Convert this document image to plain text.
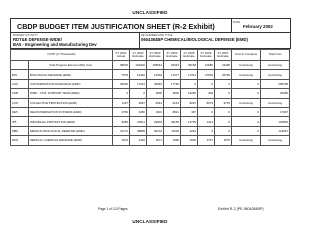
UNCLASSIFIED
CBDP BUDGET ITEM JUSTIFICATION SHEET (R-2 Exhibit)	DATE
February 2002
BUDGET ACTIVITY
RDT&E DEFENSE-WIDE/
BA5 - Engineering and Manufacturing Dev
PE NUMBER AND TITLE
0604384BP CHEMICAL/BIOLOGICAL DEFENSE (EMD)
COST (In Thousands)		FY 2001 Actual	FY 2002 Estimate	FY 2003 Estimate	FY 2004 Estimate	FY 2005 Estimate	FY 2006 Estimate	FY 2007 Estimate	Cost to Complete	Total Cost
	Total Program Element (PE) Cost	98636	163302	168661	91543	35168	10680	22495	Continuing	Continuing
BJ5	BIOLOGICAL DEFENSE (EMD)	7578	12462	14669	17977	17313	27532	35795	Continuing	Continuing
CA5	CONTAMINATION AVOIDANCE (EMD)	36026	71421	35364	17750	0	0	0	0	286788
CM5	WMD - CIVIL SUPPORT TEAM (EMD)	0	0	1800	3800	14280	400	0	0	20280
CO5	COLLECTIVE PROTECTION (EMD)	1137	3997	6391	9143	8297	8279	9715	Continuing	Continuing
DE5	DECONTAMINATION SYSTEMS (EMD)	3760	2450	1601	8821	397	0	0	0	17007
IP5	INDIVIDUAL PROTECTION (EMD)	8285	20511	29904	36155	12795	1413	0	0	130854
MB5	MEDICAL BIOLOGICAL DEFENSE (EMD)	31772	48889	69716	11635	2249	0	0	0	123357
MC5	MEDICAL CHEMICAL DEFENSE (EMD)	1076	1432	1571	1990	1606	1757	1575	Continuing	Continuing
Page 1 of 113 Pages	Exhibit R-2 (PE 0604384BP)
UNCLASSIFIED
